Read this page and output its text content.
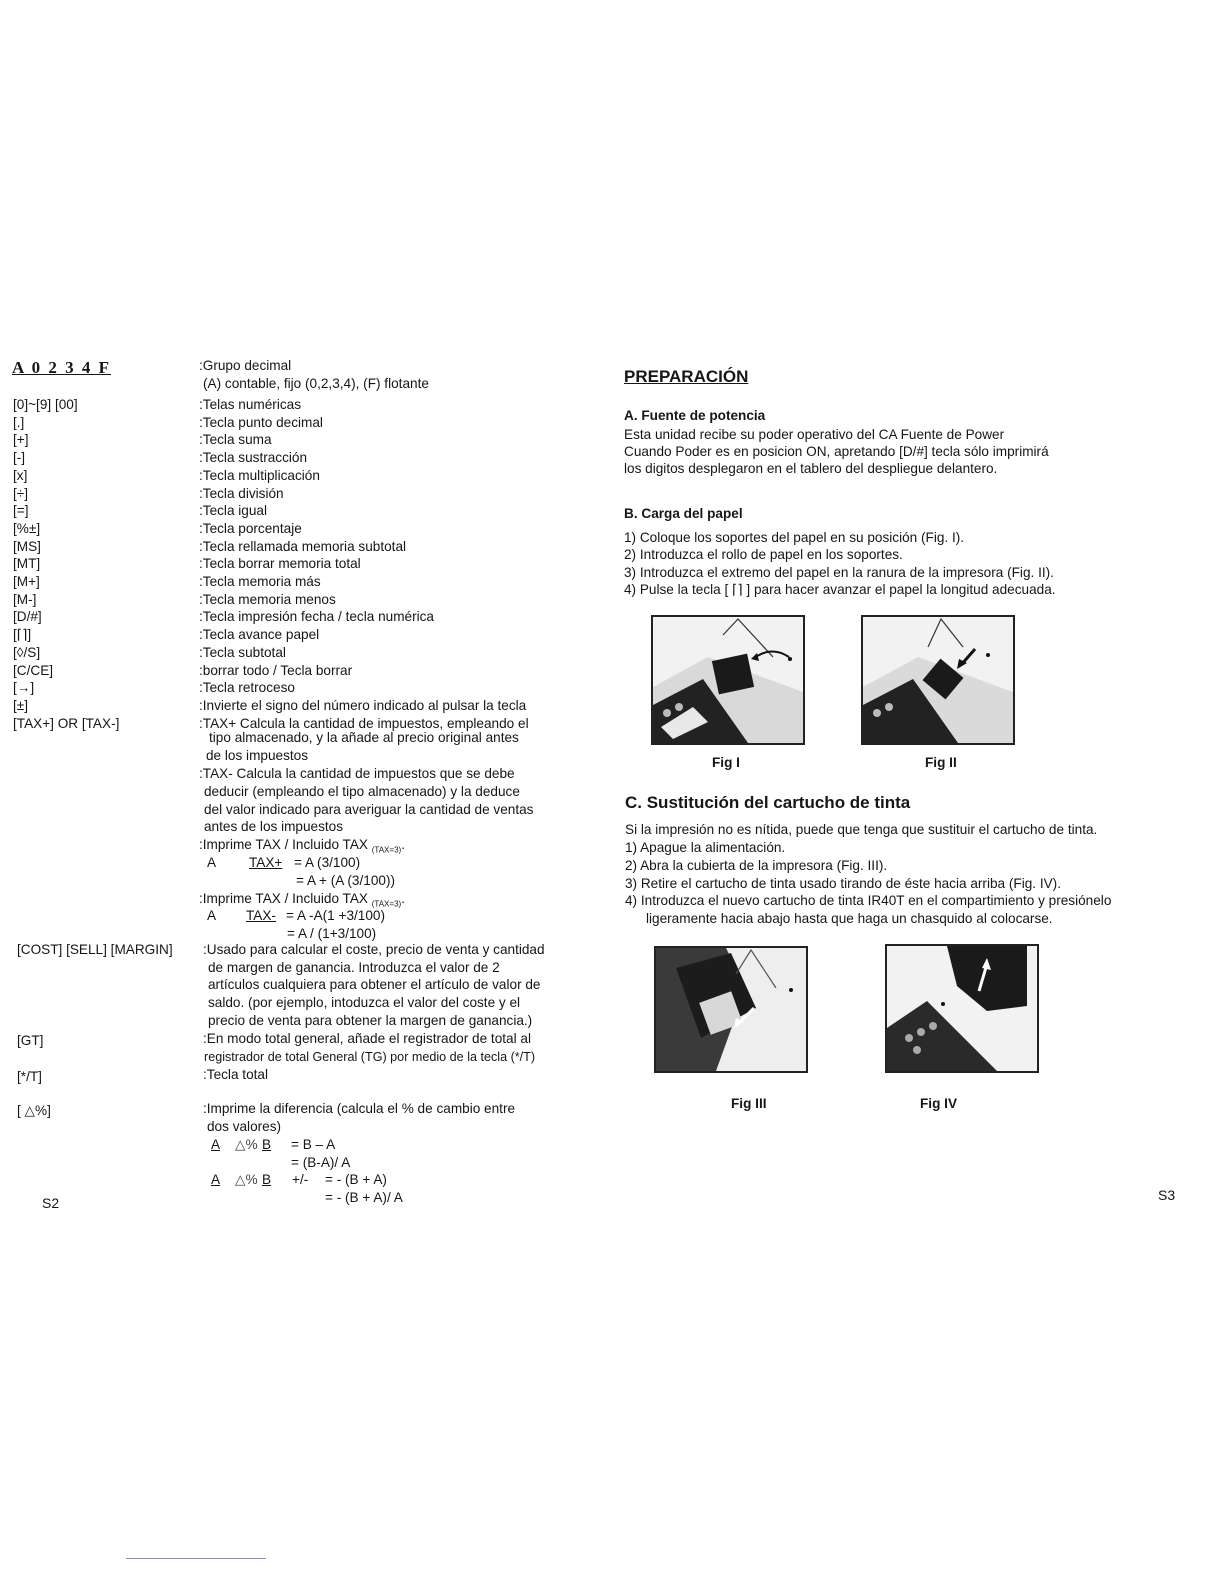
A 0 2 3 4 F	:Grupo decimal
(A) contable, fijo (0,2,3,4), (F) flotante
[0]~[9] [00]	:Telas numéricas
[.]	:Tecla punto decimal
[+]	:Tecla suma
[-]	:Tecla sustracción
[x]	:Tecla multiplicación
[÷]	:Tecla división
[=]	:Tecla igual
[%±]	:Tecla porcentaje
[MS]	:Tecla rellamada memoria subtotal
[MT]	:Tecla borrar memoria total
[M+]	:Tecla memoria más
[M-]	:Tecla memoria menos
[D/#]	:Tecla impresión fecha / tecla numérica
[⌈⌉]	:Tecla avance papel
[◊/S]	:Tecla subtotal
[C/CE]	:borrar todo / Tecla borrar
[→]	:Tecla retroceso
[±]	:Invierte el signo del número indicado al pulsar la tecla
[TAX+] OR [TAX-]	:TAX+ Calcula la cantidad de impuestos, empleando el
tipo almacenado, y la añade al precio original antes
de los impuestos
:TAX- Calcula la cantidad de impuestos que se debe
deducir (empleando el tipo almacenado) y la deduce
del valor indicado para averiguar la cantidad de ventas
antes de los impuestos
:Imprime TAX / Incluido TAX $_{(TAX=3)}$.
A TAX+ = A (3/100)
= A + (A (3/100))
:Imprime TAX / Incluido TAX $_{(TAX=3)}$.
A TAX- = A -A(1 +3/100)
= A / (1+3/100)
[COST] [SELL] [MARGIN] :Usado para calcular el coste, precio de venta y cantidad
de margen de ganancia. Introduzca el valor de 2
artículos cualquiera para obtener el artículo de valor de
saldo. (por ejemplo, intoduzca el valor del coste y el
precio de venta para obtener la margen de ganancia.)
[GT]	:En modo total general, añade el registrador de total al
registrador de total General (TG) por medio de la tecla (*/T)
[*/T]	:Tecla total
[ △%]	:Imprime la diferencia (calcula el % de cambio entre
dos valores)
A △% B = B – A
= (B-A)/ A
A △% B +/- = - (B + A)
= - (B + A)/ A
S2
PREPARACIÓN
A. Fuente de potencia
Esta unidad recibe su poder operativo del CA Fuente de Power
Cuando Poder es en posicion ON, apretando [D/#] tecla sólo imprimirá
los digitos desplegaron en el tablero del despliegue delantero.
B. Carga del papel
1) Coloque los soportes del papel en su posición (Fig. I).
2) Introduzca el rollo de papel en los soportes.
3) Introduzca el extremo del papel en la ranura de la impresora (Fig. II).
4) Pulse la tecla [ ⌈⌉ ] para hacer avanzar el papel la longitud adecuada.
Fig I	Fig II
C. Sustitución del cartucho de tinta
Si la impresión no es nítida, puede que tenga que sustituir el cartucho de tinta.
1) Apague la alimentación.
2) Abra la cubierta de la impresora (Fig. III).
3) Retire el cartucho de tinta usado tirando de éste hacia arriba (Fig. IV).
4) Introduzca el nuevo cartucho de tinta IR40T en el compartimiento y presiónelo
ligeramente hacia abajo hasta que haga un chasquido al colocarse.
Fig III	Fig IV
S3
